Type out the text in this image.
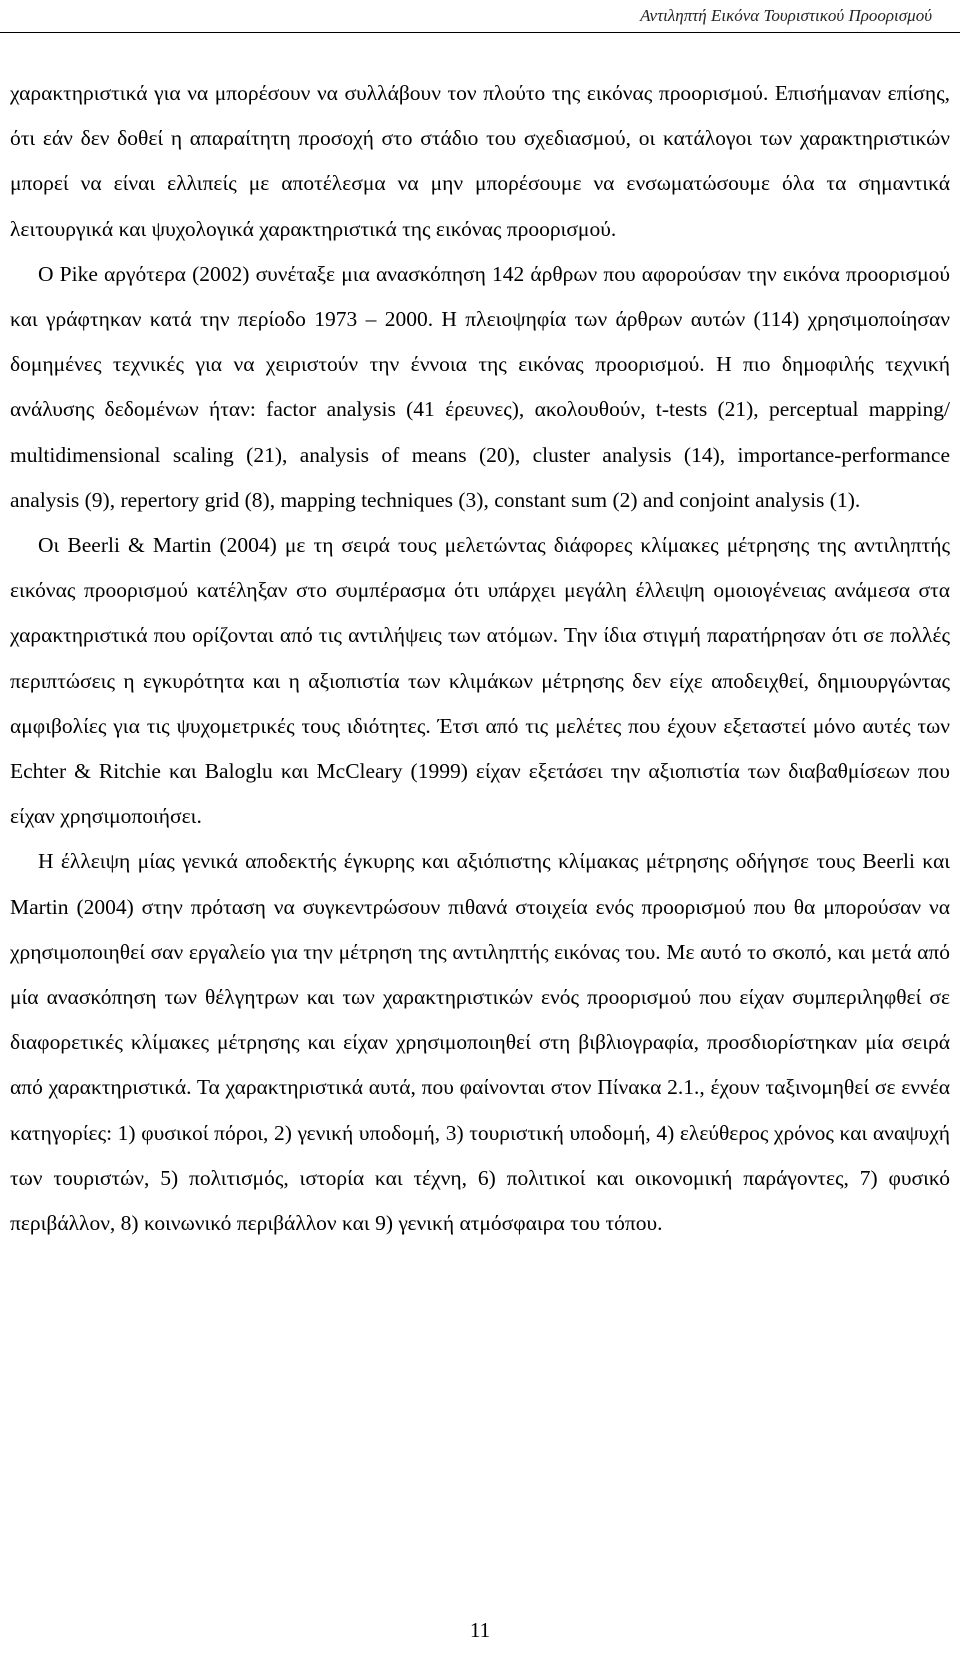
Αντιληπτή Εικόνα Τουριστικού Προορισμού

χαρακτηριστικά για να μπορέσουν να συλλάβουν τον πλούτο της εικόνας προορισμού. Επισήμαναν επίσης, ότι εάν δεν δοθεί η απαραίτητη προσοχή στο στάδιο του σχεδιασμού, οι κατάλογοι των χαρακτηριστικών μπορεί να είναι ελλιπείς με αποτέλεσμα να μην μπορέσουμε να ενσωματώσουμε όλα τα σημαντικά λειτουργικά και ψυχολογικά χαρακτηριστικά της εικόνας προορισμού.

O Pike αργότερα (2002) συνέταξε μια ανασκόπηση 142 άρθρων που αφορούσαν την εικόνα προορισμού και γράφτηκαν κατά την περίοδο 1973 – 2000. Η πλειοψηφία των άρθρων αυτών (114) χρησιμοποίησαν δομημένες τεχνικές για να χειριστούν την έννοια της εικόνας προορισμού. Η πιο δημοφιλής τεχνική ανάλυσης δεδομένων ήταν: factor analysis (41 έρευνες), ακολουθούν, t-tests (21), perceptual mapping/ multidimensional scaling (21), analysis of means (20), cluster analysis (14), importance-performance analysis (9), repertory grid (8), mapping techniques (3), constant sum (2) and conjoint analysis (1).

Οι Beerli & Martin (2004) με τη σειρά τους μελετώντας διάφορες κλίμακες μέτρησης της αντιληπτής εικόνας προορισμού κατέληξαν στο συμπέρασμα ότι υπάρχει μεγάλη έλλειψη ομοιογένειας ανάμεσα στα χαρακτηριστικά που ορίζονται από τις αντιλήψεις των ατόμων. Την ίδια στιγμή παρατήρησαν ότι σε πολλές περιπτώσεις η εγκυρότητα και η αξιοπιστία των κλιμάκων μέτρησης δεν είχε αποδειχθεί, δημιουργώντας αμφιβολίες για τις ψυχομετρικές τους ιδιότητες. Έτσι από τις μελέτες που έχουν εξεταστεί μόνο αυτές των Echter & Ritchie και Baloglu και McCleary (1999) είχαν εξετάσει την αξιοπιστία των διαβαθμίσεων που είχαν χρησιμοποιήσει.

Η έλλειψη μίας γενικά αποδεκτής έγκυρης και αξιόπιστης κλίμακας μέτρησης οδήγησε τους Beerli και Martin (2004) στην πρόταση να συγκεντρώσουν πιθανά στοιχεία ενός προορισμού που θα μπορούσαν να χρησιμοποιηθεί σαν εργαλείο για την μέτρηση της αντιληπτής εικόνας του. Με αυτό το σκοπό, και μετά από μία ανασκόπηση των θέλγητρων και των χαρακτηριστικών ενός προορισμού που είχαν συμπεριληφθεί σε διαφορετικές κλίμακες μέτρησης και είχαν χρησιμοποιηθεί στη βιβλιογραφία, προσδιορίστηκαν μία σειρά από χαρακτηριστικά. Τα χαρακτηριστικά αυτά, που φαίνονται στον Πίνακα 2.1., έχουν ταξινομηθεί σε εννέα κατηγορίες: 1) φυσικοί πόροι, 2) γενική υποδομή, 3) τουριστική υποδομή, 4) ελεύθερος χρόνος και αναψυχή των τουριστών, 5) πολιτισμός, ιστορία και τέχνη, 6) πολιτικοί και οικονομική παράγοντες, 7) φυσικό περιβάλλον, 8) κοινωνικό περιβάλλον και 9) γενική ατμόσφαιρα του τόπου.

11
